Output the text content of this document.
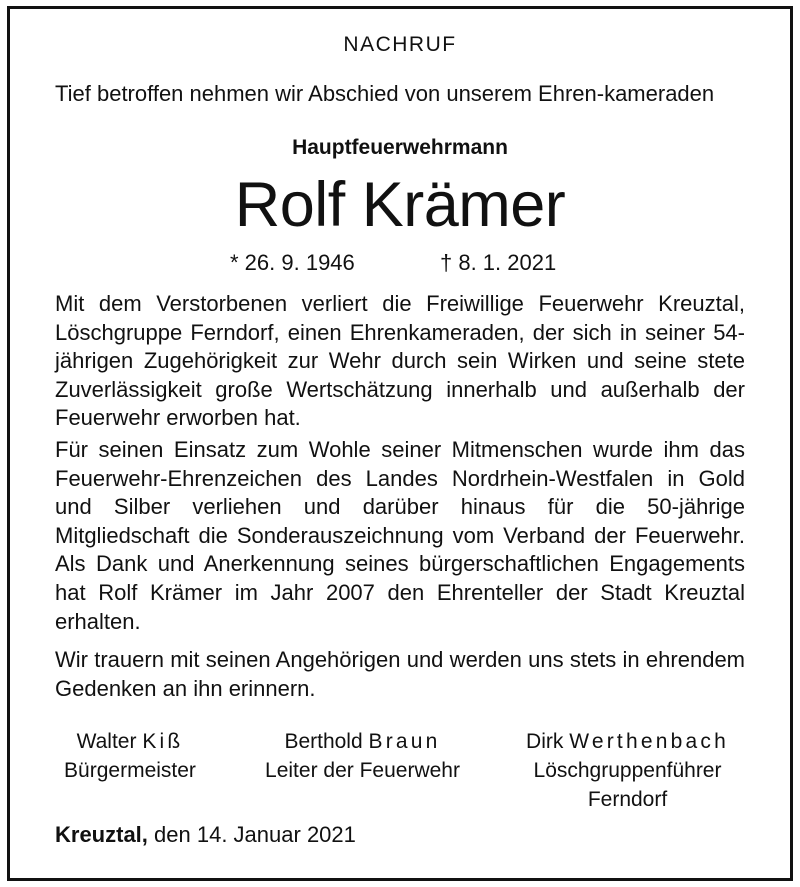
NACHRUF
Tief betroffen nehmen wir Abschied von unserem Ehren-kameraden
Hauptfeuerwehrmann
Rolf Krämer
* 26. 9. 1946	† 8. 1. 2021
Mit dem Verstorbenen verliert die Freiwillige Feuerwehr Kreuztal, Löschgruppe Ferndorf, einen Ehrenkameraden, der sich in seiner 54-jährigen Zugehörigkeit zur Wehr durch sein Wirken und seine stete Zuverlässigkeit große Wertschätzung innerhalb und außerhalb der Feuerwehr erworben hat.
Für seinen Einsatz zum Wohle seiner Mitmenschen wurde ihm das Feuerwehr-Ehrenzeichen des Landes Nordrhein-Westfalen in Gold und Silber verliehen und darüber hinaus für die 50-jährige Mitgliedschaft die Sonderauszeichnung vom Verband der Feuerwehr. Als Dank und Anerkennung seines bürgerschaftlichen Engagements hat Rolf Krämer im Jahr 2007 den Ehrenteller der Stadt Kreuztal erhalten.
Wir trauern mit seinen Angehörigen und werden uns stets in ehrendem Gedenken an ihn erinnern.
Walter Kiß
Bürgermeister
Berthold Braun
Leiter der Feuerwehr
Dirk Werthenbach
Löschgruppenführer
Ferndorf
Kreuztal, den 14. Januar 2021
